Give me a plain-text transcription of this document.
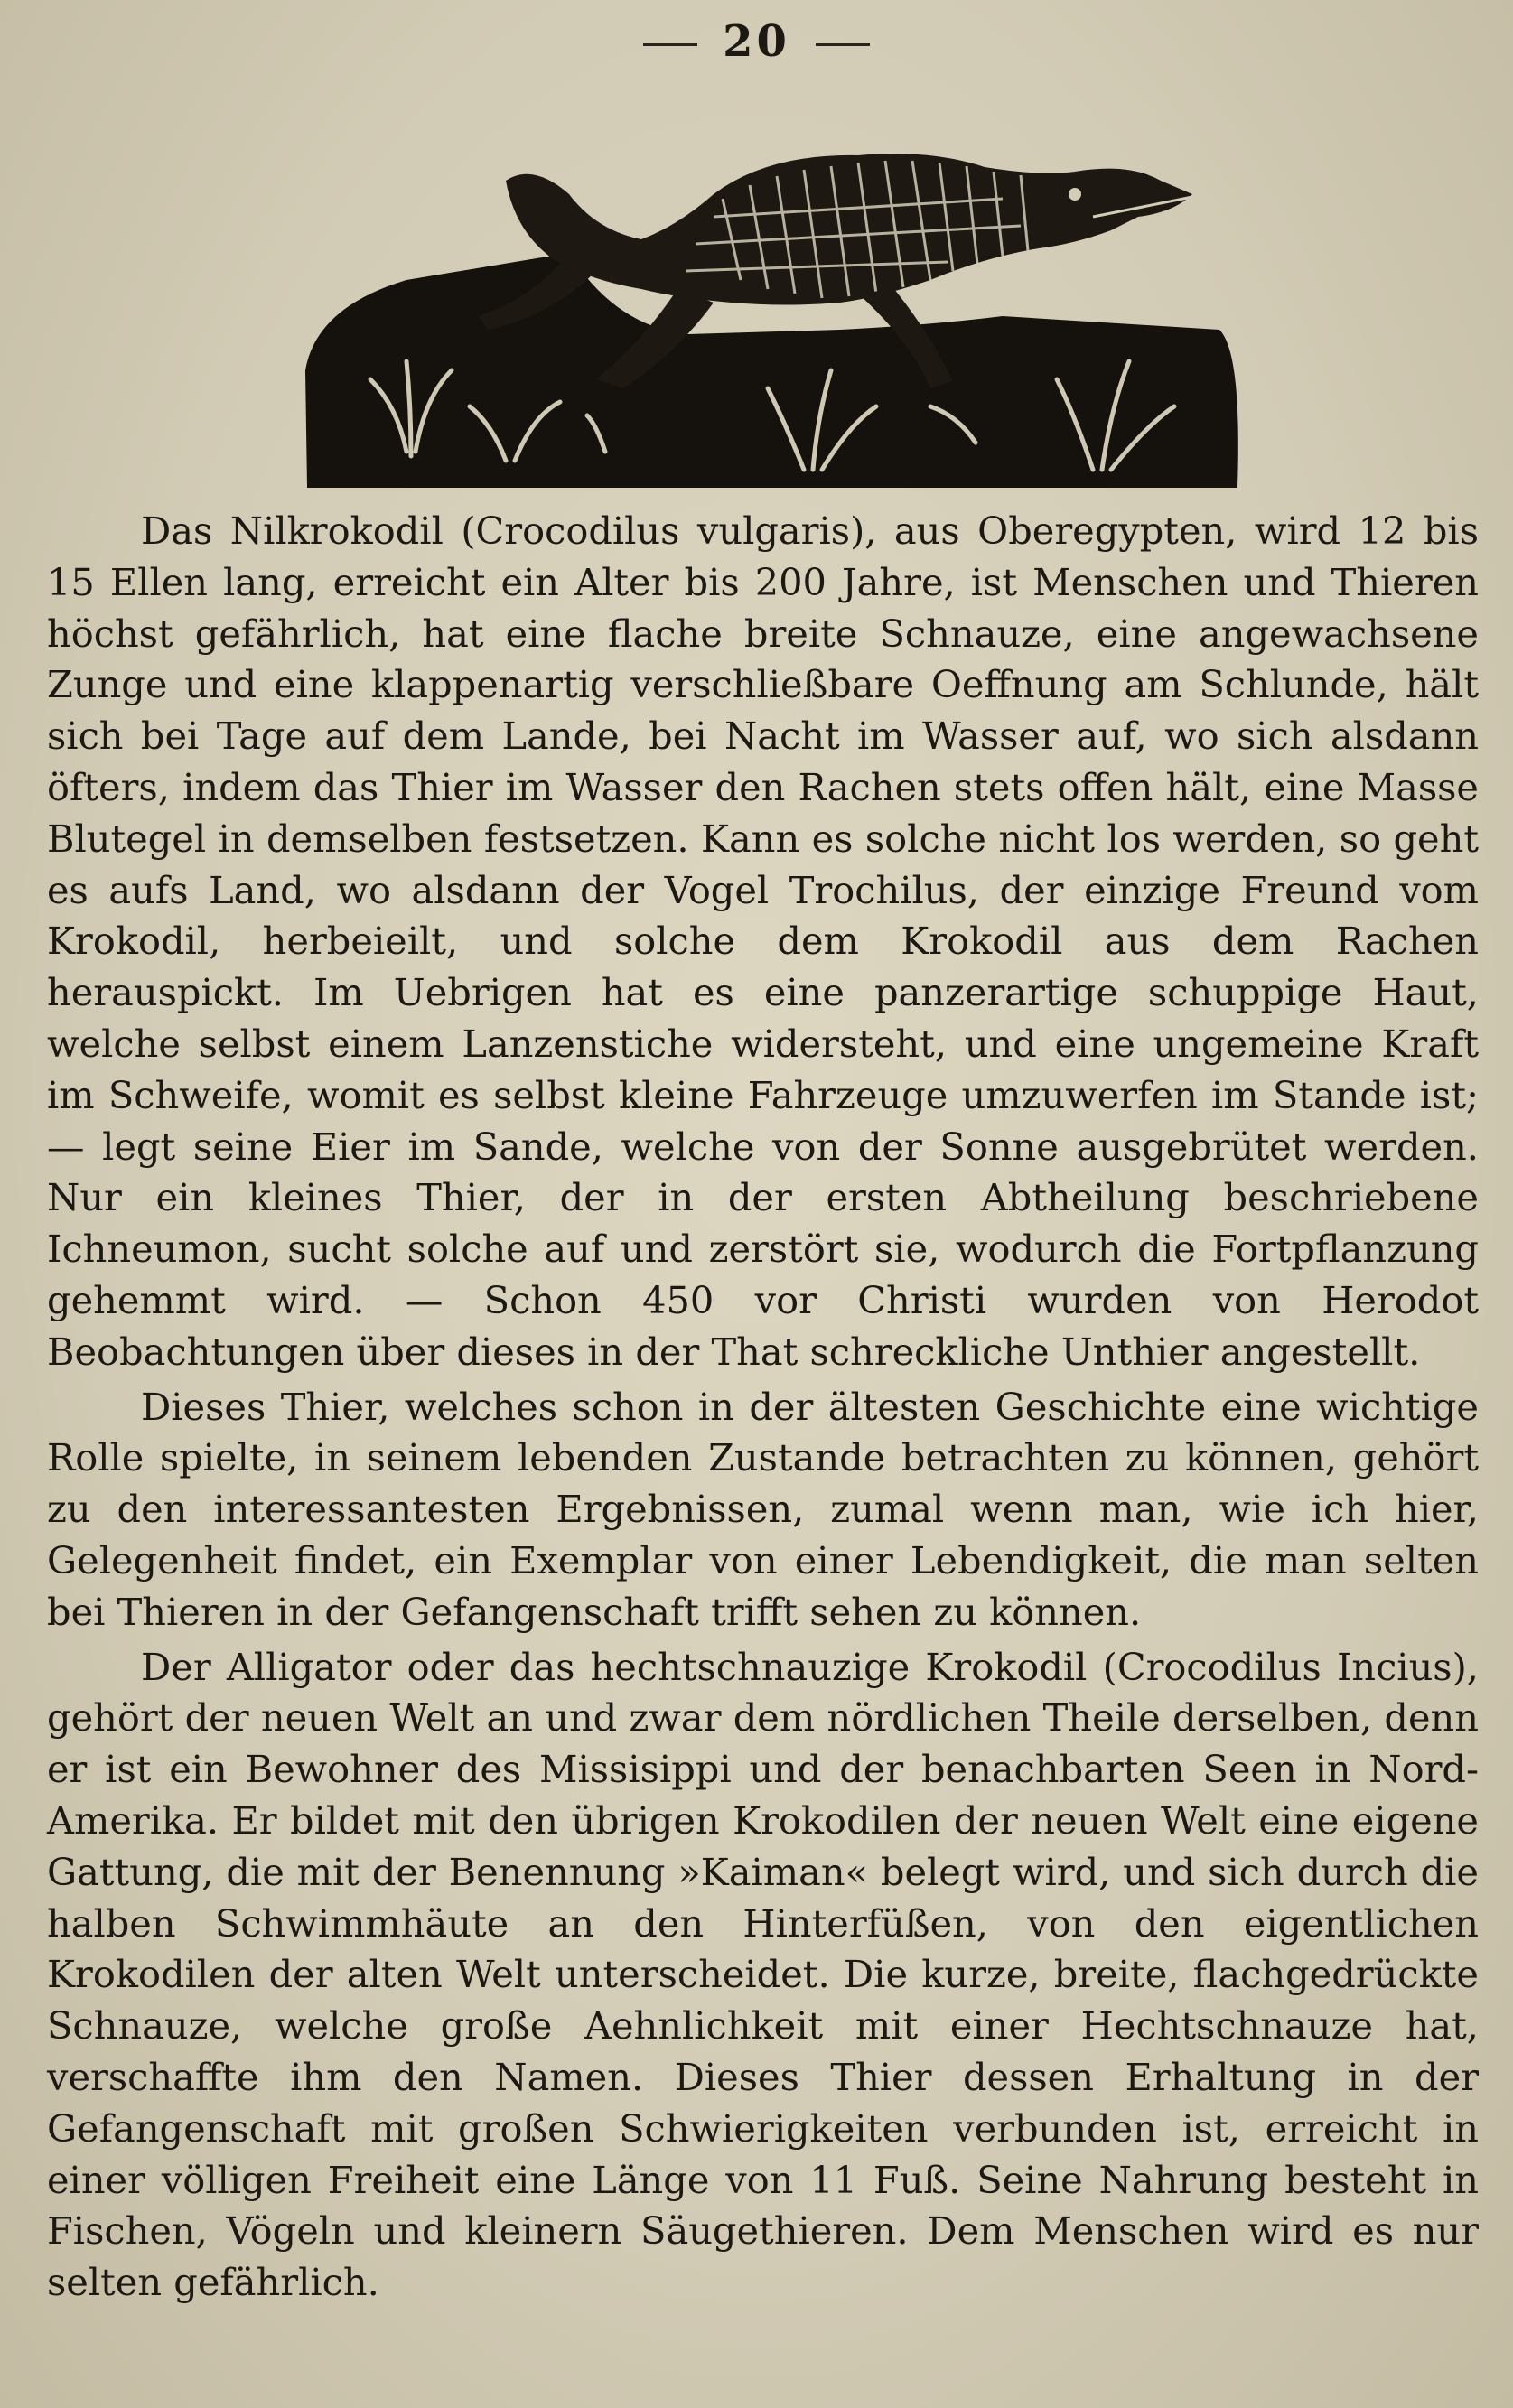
20

Das Nilkrokodil (Crocodilus vulgaris), aus Oberegypten, wird 12 bis 15 Ellen lang, erreicht ein Alter bis 200 Jahre, ist Menschen und Thieren höchst gefährlich, hat eine flache breite Schnauze, eine angewachsene Zunge und eine klappenartig verschließbare Oeffnung am Schlunde, hält sich bei Tage auf dem Lande, bei Nacht im Wasser auf, wo sich alsdann öfters, indem das Thier im Wasser den Rachen stets offen hält, eine Masse Blutegel in demselben festsetzen. Kann es solche nicht los werden, so geht es aufs Land, wo alsdann der Vogel Trochilus, der einzige Freund vom Krokodil, herbeieilt, und solche dem Krokodil aus dem Rachen herauspickt. Im Uebrigen hat es eine panzerartige schuppige Haut, welche selbst einem Lanzenstiche widersteht, und eine ungemeine Kraft im Schweife, womit es selbst kleine Fahrzeuge umzuwerfen im Stande ist; — legt seine Eier im Sande, welche von der Sonne ausgebrütet werden. Nur ein kleines Thier, der in der ersten Abtheilung beschriebene Ichneumon, sucht solche auf und zerstört sie, wodurch die Fortpflanzung gehemmt wird. — Schon 450 vor Christi wurden von Herodot Beobachtungen über dieses in der That schreckliche Unthier angestellt.

Dieses Thier, welches schon in der ältesten Geschichte eine wichtige Rolle spielte, in seinem lebenden Zustande betrachten zu können, gehört zu den interessantesten Ergebnissen, zumal wenn man, wie ich hier, Gelegenheit findet, ein Exemplar von einer Lebendigkeit, die man selten bei Thieren in der Gefangenschaft trifft sehen zu können.

Der Alligator oder das hechtschnauzige Krokodil (Crocodilus Incius), gehört der neuen Welt an und zwar dem nördlichen Theile derselben, denn er ist ein Bewohner des Missisippi und der benachbarten Seen in Nord-Amerika. Er bildet mit den übrigen Krokodilen der neuen Welt eine eigene Gattung, die mit der Benennung »Kaiman« belegt wird, und sich durch die halben Schwimmhäute an den Hinterfüßen, von den eigentlichen Krokodilen der alten Welt unterscheidet. Die kurze, breite, flachgedrückte Schnauze, welche große Aehnlichkeit mit einer Hechtschnauze hat, verschaffte ihm den Namen. Dieses Thier dessen Erhaltung in der Gefangenschaft mit großen Schwierigkeiten verbunden ist, erreicht in einer völligen Freiheit eine Länge von 11 Fuß. Seine Nahrung besteht in Fischen, Vögeln und kleinern Säugethieren. Dem Menschen wird es nur selten gefährlich.
